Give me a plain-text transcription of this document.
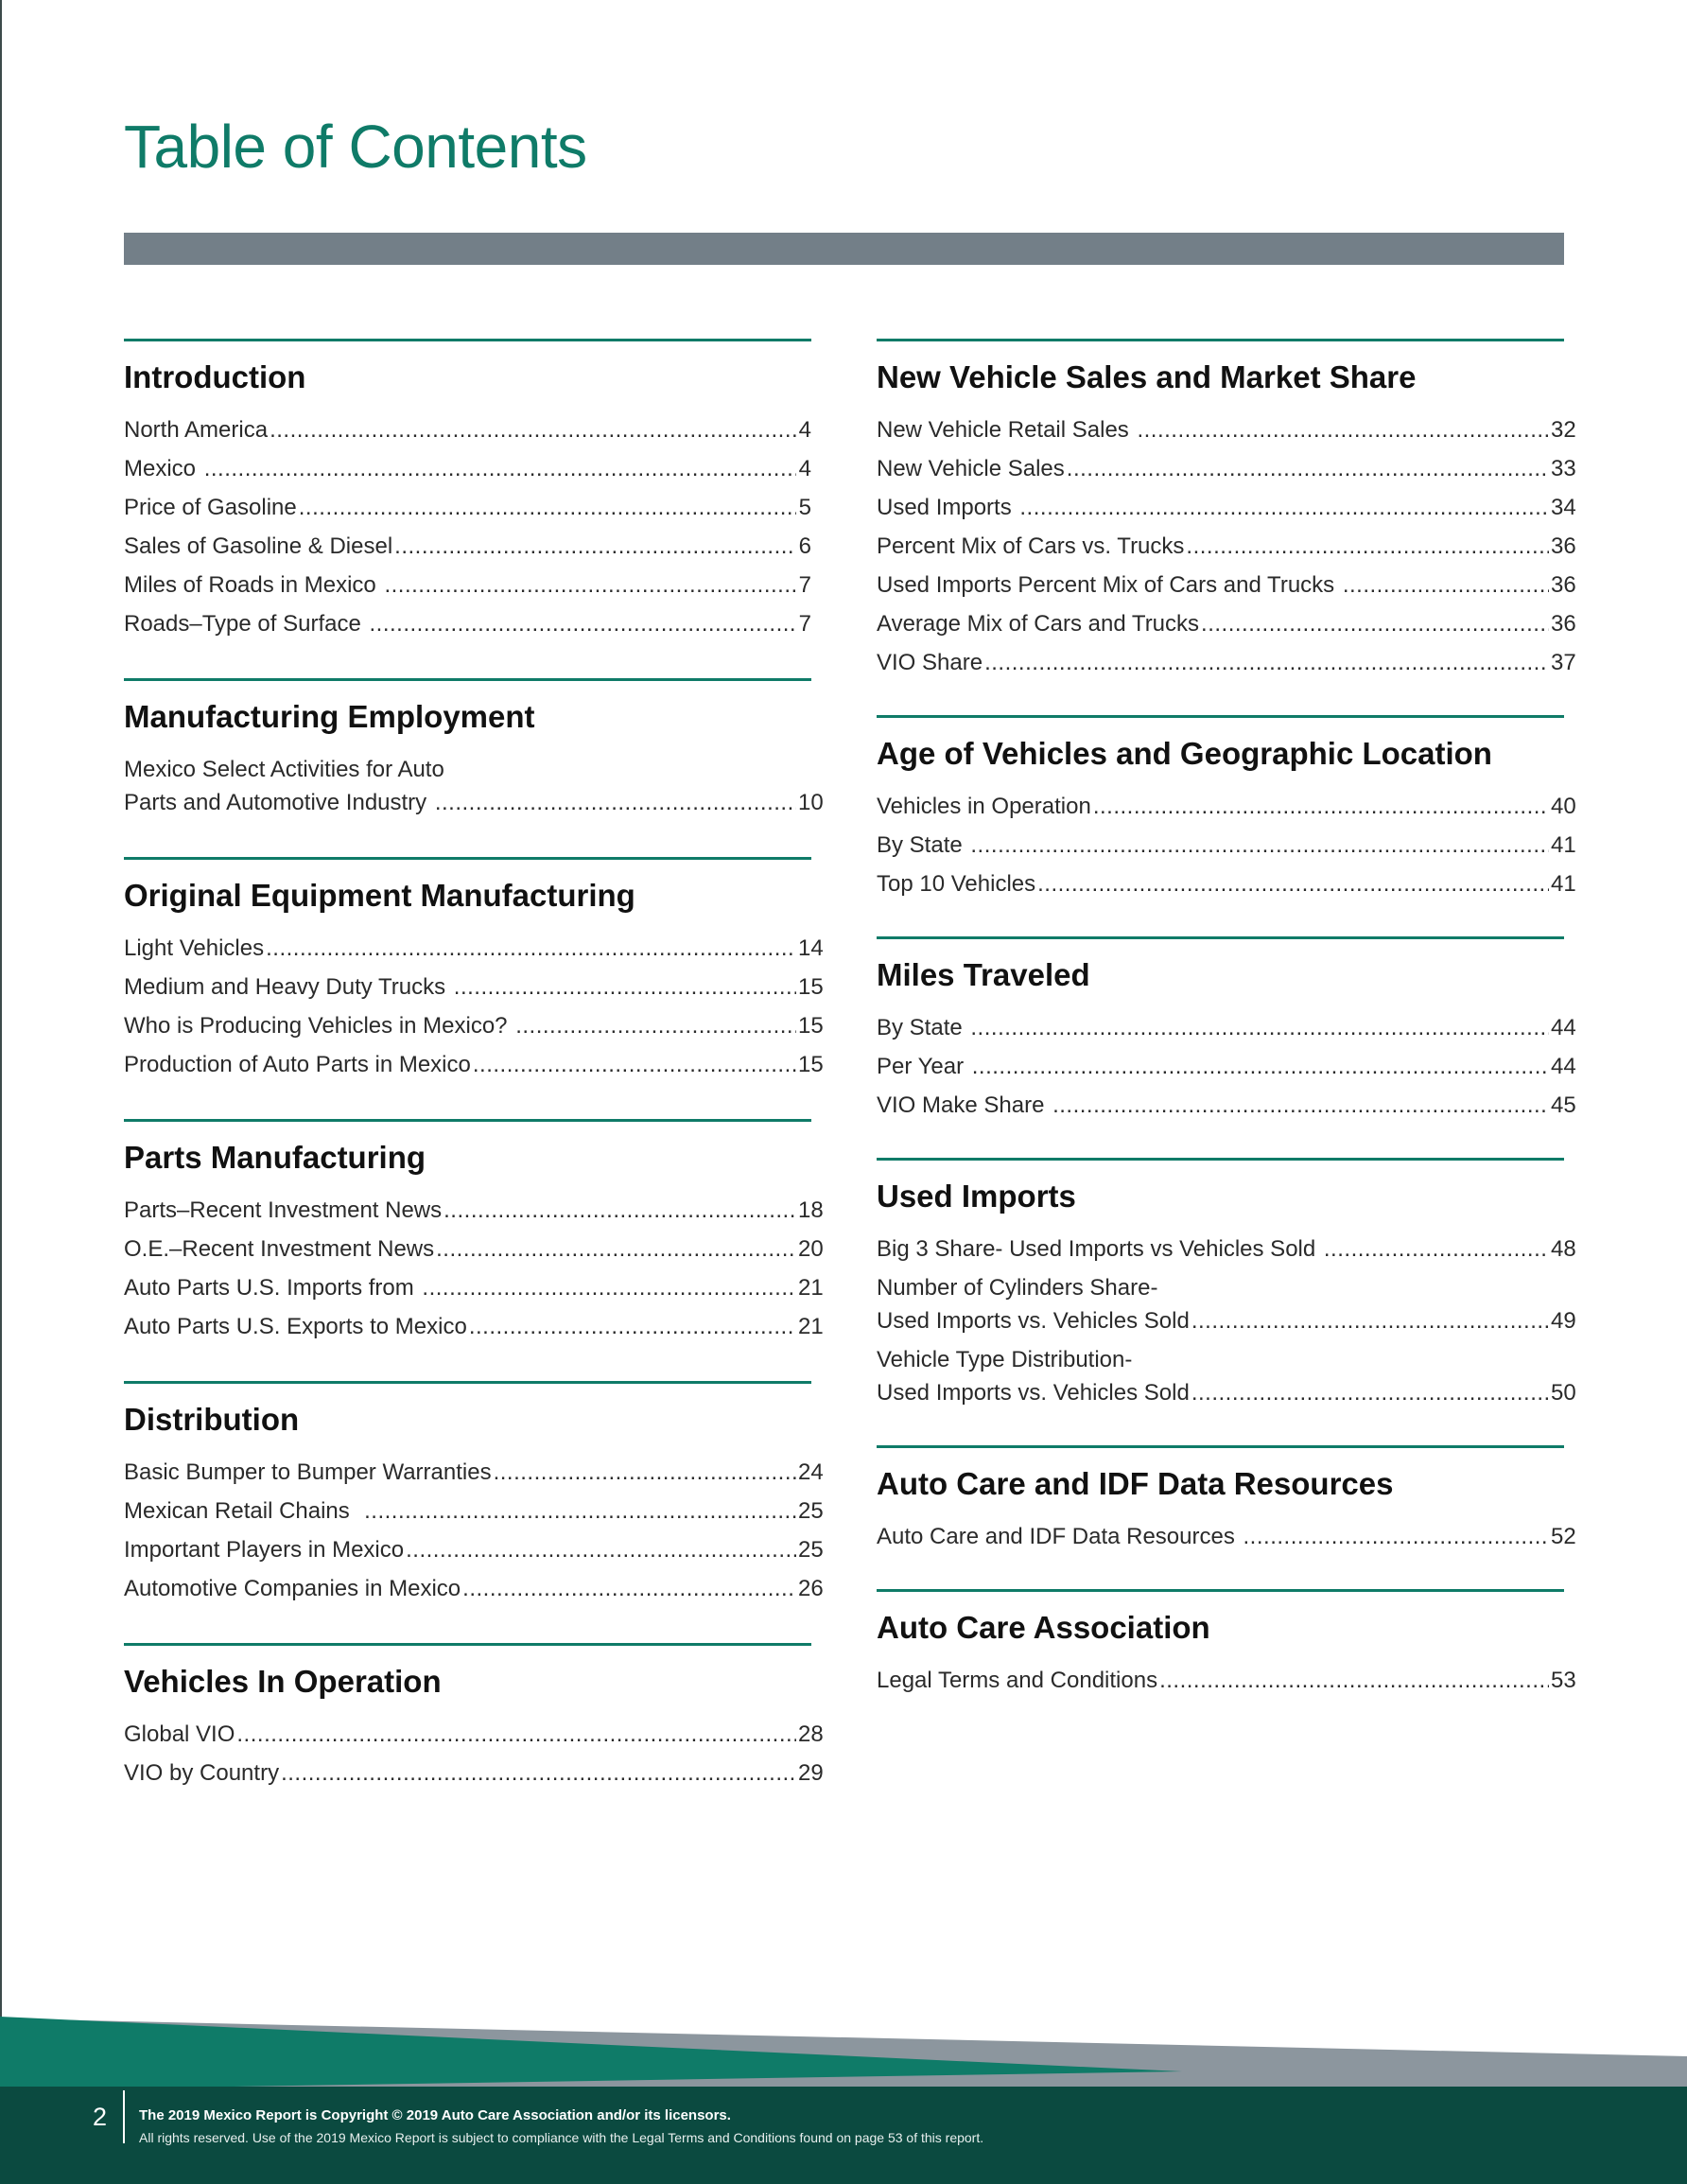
Table of Contents
Introduction
North America .....	4
Mexico .....	4
Price of Gasoline .....	5
Sales of Gasoline & Diesel .....	6
Miles of Roads in Mexico .....	7
Roads–Type of Surface .....	7
Manufacturing Employment
Mexico Select Activities for Auto
Parts and Automotive Industry .....	10
Original Equipment Manufacturing
Light Vehicles .....	14
Medium and Heavy Duty Trucks .....	15
Who is Producing Vehicles in Mexico? .....	15
Production of Auto Parts in Mexico .....	15
Parts Manufacturing
Parts–Recent Investment News .....	18
O.E.–Recent Investment News .....	20
Auto Parts U.S. Imports from .....	21
Auto Parts U.S. Exports to Mexico .....	21
Distribution
Basic Bumper to Bumper Warranties .....	24
Mexican Retail Chains .....	25
Important Players in Mexico .....	25
Automotive Companies in Mexico .....	26
Vehicles In Operation
Global VIO .....	28
VIO by Country .....	29
New Vehicle Sales and Market Share
New Vehicle Retail Sales .....	32
New Vehicle Sales .....	33
Used Imports .....	34
Percent Mix of Cars vs. Trucks .....	36
Used Imports Percent Mix of Cars and Trucks .....	36
Average Mix of Cars and Trucks .....	36
VIO Share .....	37
Age of Vehicles and Geographic Location
Vehicles in Operation .....	40
By State .....	41
Top 10 Vehicles .....	41
Miles Traveled
By State .....	44
Per Year .....	44
VIO Make Share .....	45
Used Imports
Big 3 Share- Used Imports vs Vehicles Sold .....	48
Number of Cylinders Share-
Used Imports vs. Vehicles Sold .....	49
Vehicle Type Distribution-
Used Imports vs. Vehicles Sold .....	50
Auto Care and IDF Data Resources
Auto Care and IDF Data Resources .....	52
Auto Care Association
Legal Terms and Conditions .....	53
2 The 2019 Mexico Report is Copyright © 2019 Auto Care Association and/or its licensors.
All rights reserved. Use of the 2019 Mexico Report is subject to compliance with the Legal Terms and Conditions found on page 53 of this report.
